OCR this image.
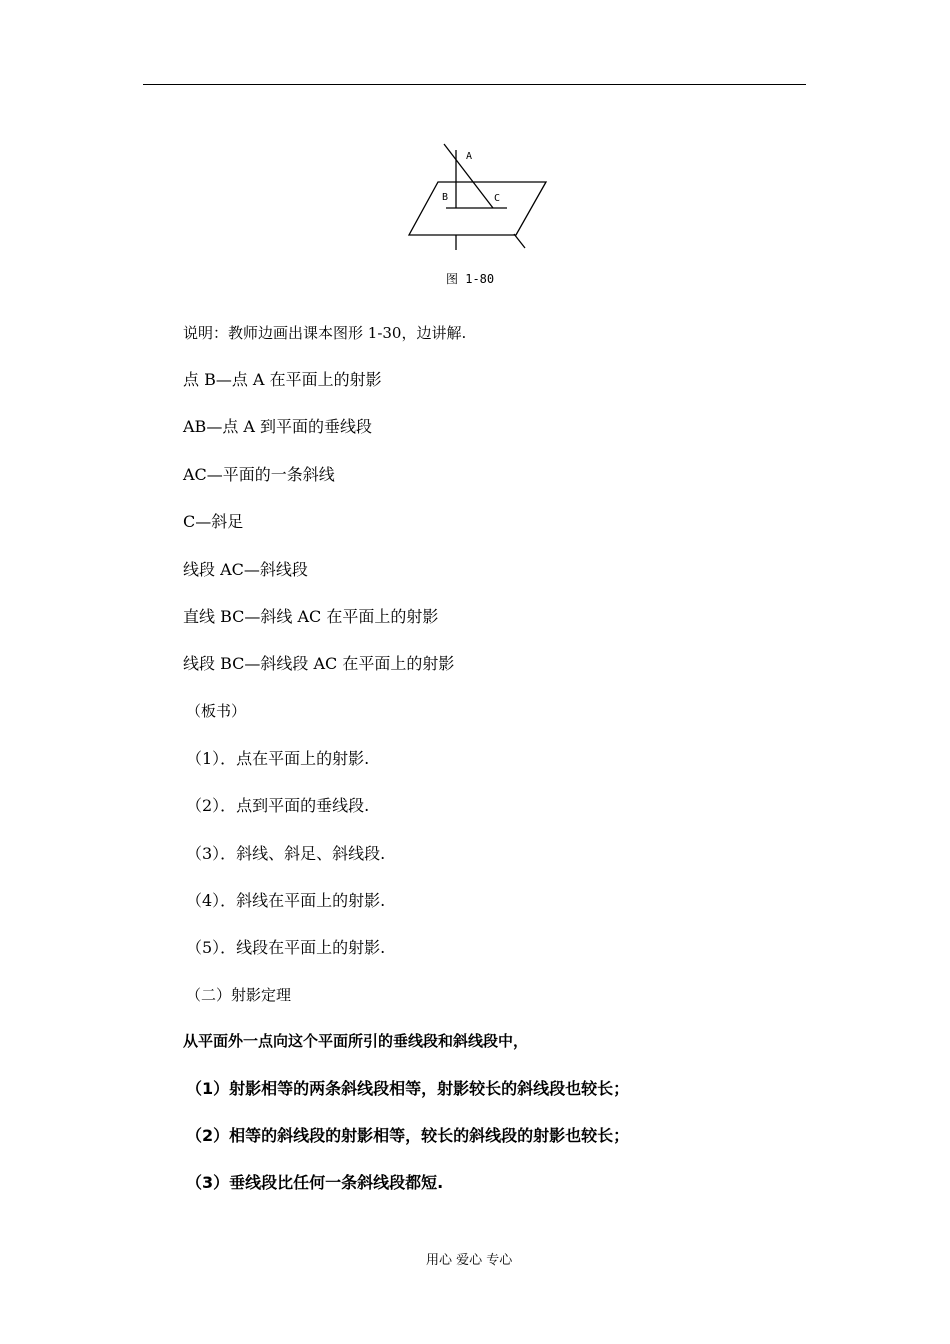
A
B	C
图 1-80
说明：教师边画出课本图形 1-30，边讲解.
点 B—点 A 在平面上的射影
AB—点 A 到平面的垂线段
AC—平面的一条斜线
C—斜足
线段 AC—斜线段
直线 BC—斜线 AC 在平面上的射影
线段 BC—斜线段 AC 在平面上的射影
（板书）
（1）．点在平面上的射影.
（2）．点到平面的垂线段.
（3）．斜线、斜足、斜线段.
（4）．斜线在平面上的射影.
（5）．线段在平面上的射影.
（二）射影定理
从平面外一点向这个平面所引的垂线段和斜线段中，
（1）射影相等的两条斜线段相等，射影较长的斜线段也较长；
（2）相等的斜线段的射影相等，较长的斜线段的射影也较长；
（3）垂线段比任何一条斜线段都短.
用心 爱心 专心
